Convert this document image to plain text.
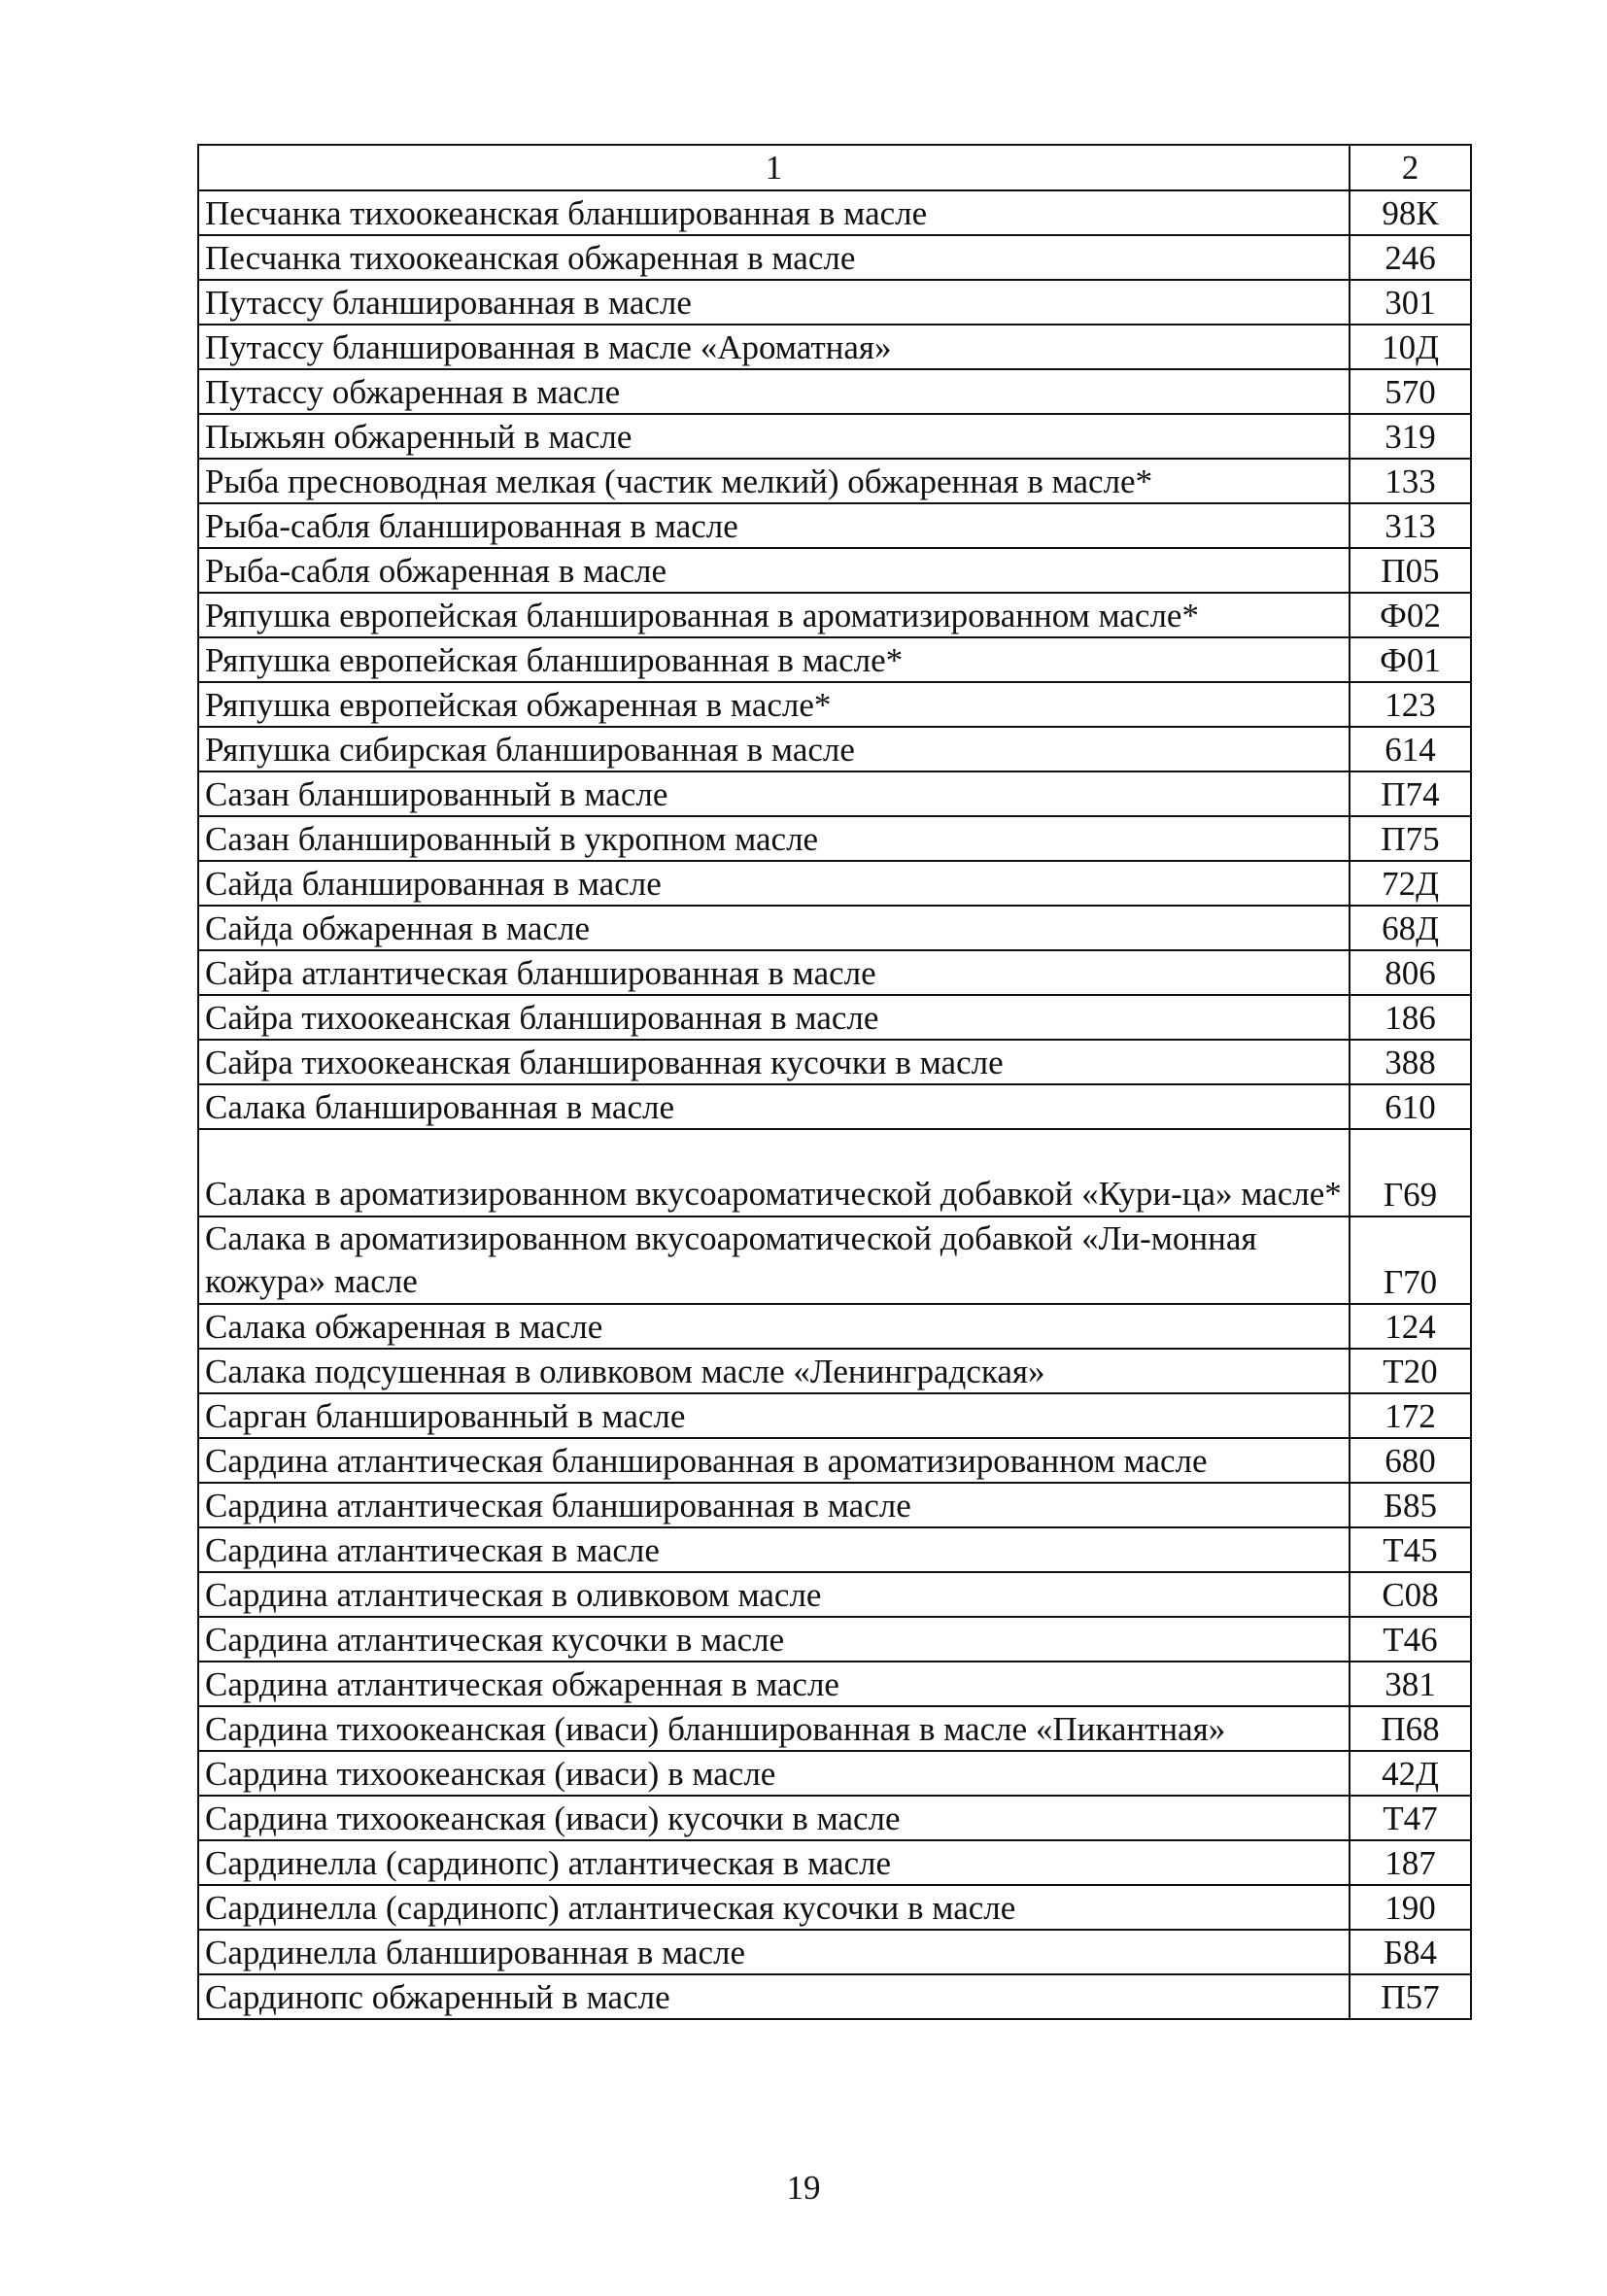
1	2
Песчанка тихоокеанская бланшированная в масле	98К
Песчанка тихоокеанская обжаренная в масле	246
Путассу бланшированная в масле	301
Путассу бланшированная в масле «Ароматная»	10Д
Путассу обжаренная в масле	570
Пыжьян обжаренный в масле	319
Рыба пресноводная мелкая (частик мелкий) обжаренная в масле*	133
Рыба-сабля бланшированная в масле	313
Рыба-сабля обжаренная в масле	П05
Ряпушка европейская бланшированная в ароматизированном масле*	Ф02
Ряпушка европейская бланшированная в масле*	Ф01
Ряпушка европейская обжаренная в масле*	123
Ряпушка сибирская бланшированная в масле	614
Сазан бланшированный в масле	П74
Сазан бланшированный в укропном масле	П75
Сайда бланшированная в масле	72Д
Сайда обжаренная в масле	68Д
Сайра атлантическая бланшированная в масле	806
Сайра тихоокеанская бланшированная в масле	186
Сайра тихоокеанская бланшированная кусочки в масле	388
Салака бланшированная в масле	610
Салака в ароматизированном вкусоароматической добавкой «Кури-ца» масле*	Г69
Салака в ароматизированном вкусоароматической добавкой «Ли-монная кожура» масле	Г70
Салака обжаренная в масле	124
Салака подсушенная в оливковом масле «Ленинградская»	Т20
Сарган бланшированный в масле	172
Сардина атлантическая бланшированная в ароматизированном масле	680
Сардина атлантическая бланшированная в масле	Б85
Сардина атлантическая в масле	Т45
Сардина атлантическая в оливковом масле	С08
Сардина атлантическая кусочки в масле	Т46
Сардина атлантическая обжаренная в масле	381
Сардина тихоокеанская (иваси) бланшированная в масле «Пикантная»	П68
Сардина тихоокеанская (иваси) в масле	42Д
Сардина тихоокеанская (иваси) кусочки в масле	Т47
Сардинелла (сардинопс) атлантическая в масле	187
Сардинелла (сардинопс) атлантическая кусочки в масле	190
Сардинелла бланшированная в масле	Б84
Сардинопс обжаренный в масле	П57
19
